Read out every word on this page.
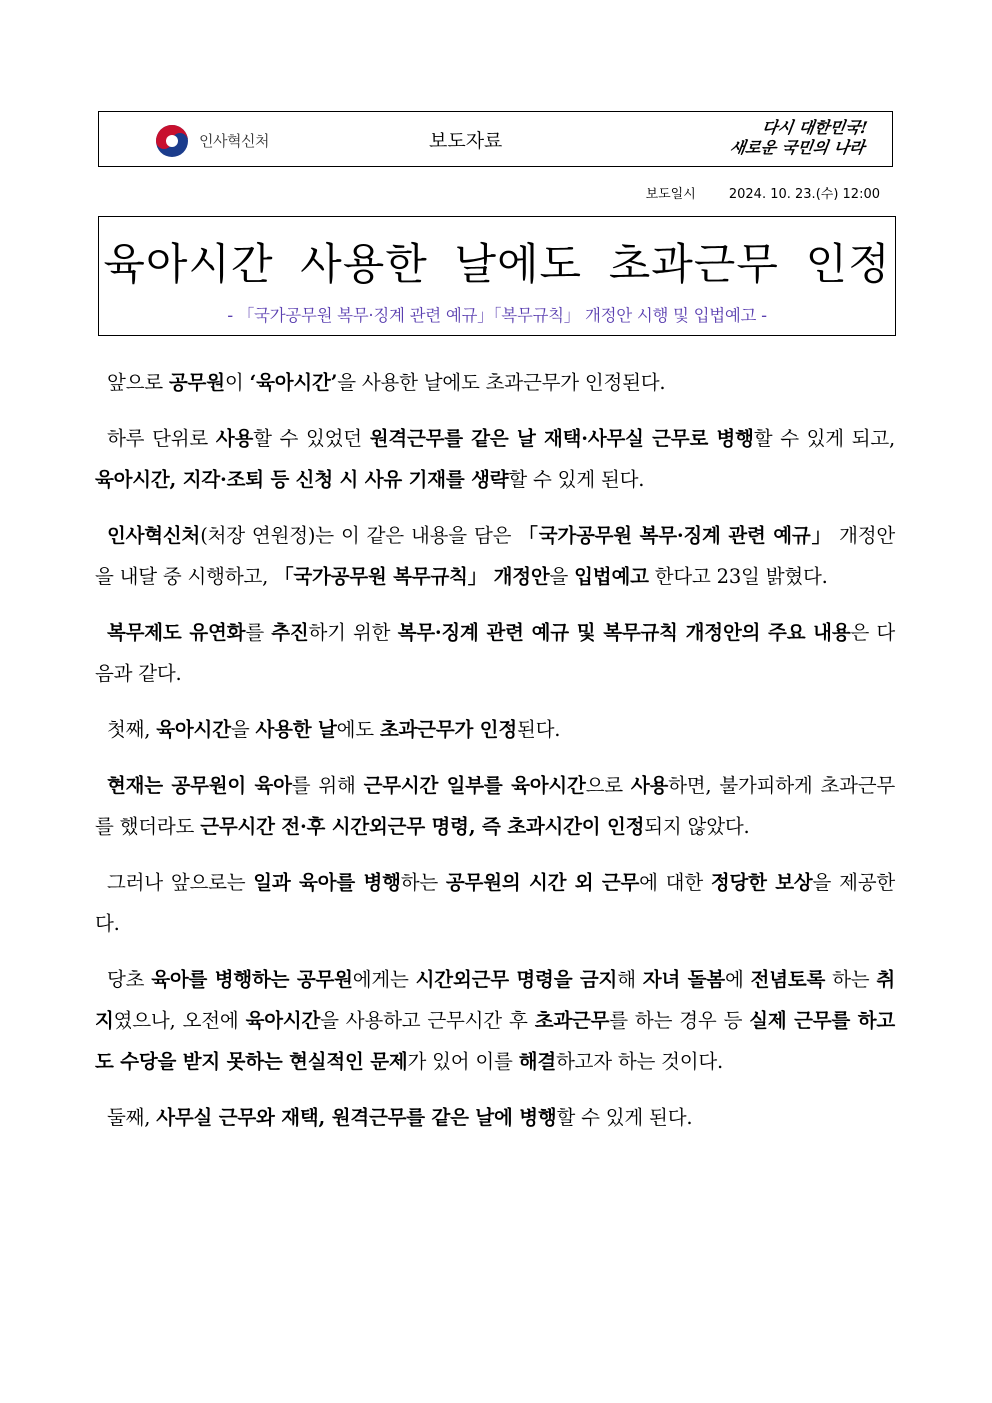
인사혁신처	보도자료
다시 대한민국!
새로운 국민의 나라
보도일시	2024. 10. 23.(수) 12:00
육아시간 사용한 날에도 초과근무 인정
- 「국가공무원 복무·징계 관련 예규」「복무규칙」 개정안 시행 및 입법예고 -

앞으로 공무원이 ‘육아시간’을 사용한 날에도 초과근무가 인정된다.

하루 단위로 사용할 수 있었던 원격근무를 같은 날 재택·사무실 근무로 병행할 수 있게 되고, 육아시간, 지각·조퇴 등 신청 시 사유 기재를 생략할 수 있게 된다.

인사혁신처(처장 연원정)는 이 같은 내용을 담은 「국가공무원 복무·징계 관련 예규」 개정안을 내달 중 시행하고, 「국가공무원 복무규칙」 개정안을 입법예고 한다고 23일 밝혔다.

복무제도 유연화를 추진하기 위한 복무·징계 관련 예규 및 복무규칙 개정안의 주요 내용은 다음과 같다.

첫째, 육아시간을 사용한 날에도 초과근무가 인정된다.

현재는 공무원이 육아를 위해 근무시간 일부를 육아시간으로 사용하면, 불가피하게 초과근무를 했더라도 근무시간 전·후 시간외근무 명령, 즉 초과시간이 인정되지 않았다.

그러나 앞으로는 일과 육아를 병행하는 공무원의 시간 외 근무에 대한 정당한 보상을 제공한다.

당초 육아를 병행하는 공무원에게는 시간외근무 명령을 금지해 자녀 돌봄에 전념토록 하는 취지였으나, 오전에 육아시간을 사용하고 근무시간 후 초과근무를 하는 경우 등 실제 근무를 하고도 수당을 받지 못하는 현실적인 문제가 있어 이를 해결하고자 하는 것이다.

둘째, 사무실 근무와 재택, 원격근무를 같은 날에 병행할 수 있게 된다.
